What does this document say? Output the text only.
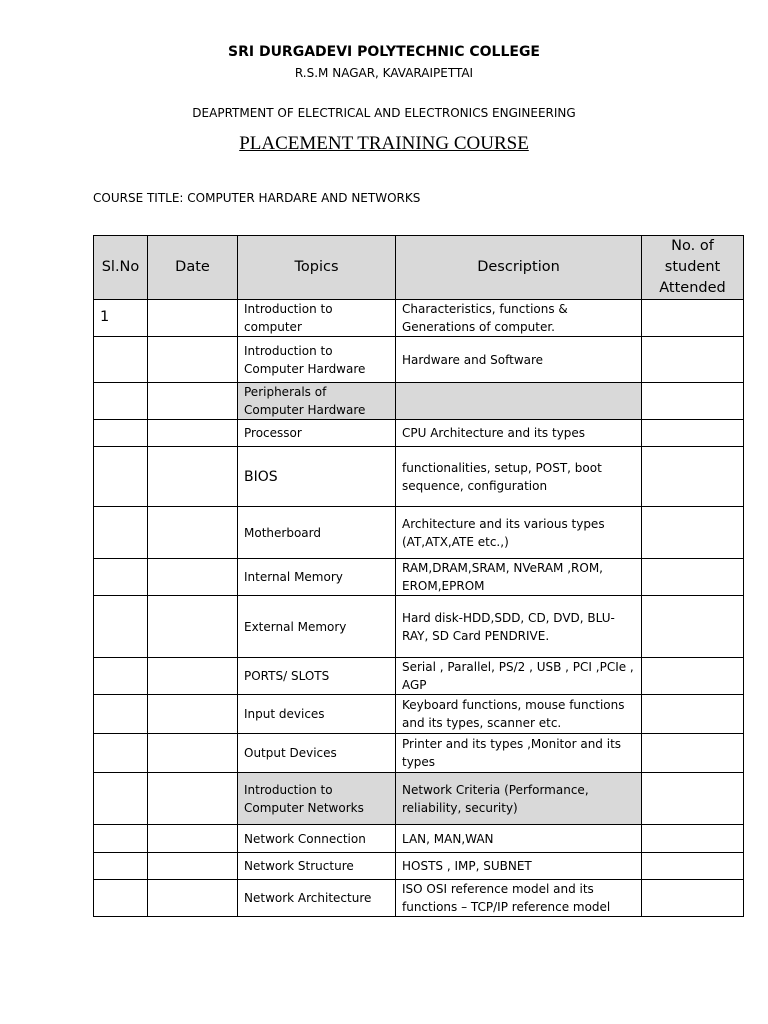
SRI DURGADEVI POLYTECHNIC COLLEGE
R.S.M NAGAR, KAVARAIPETTAI
DEAPRTMENT OF ELECTRICAL AND ELECTRONICS ENGINEERING
PLACEMENT TRAINING COURSE
COURSE TITLE: COMPUTER HARDARE AND NETWORKS
Sl.No	Date	Topics	Description	No. of student Attended
1		Introduction to computer	Characteristics, functions & Generations of computer.	
		Introduction to Computer Hardware	Hardware and Software	
		Peripherals of Computer Hardware		
		Processor	CPU Architecture and its types	
		BIOS	functionalities, setup, POST, boot sequence, configuration	
		Motherboard	Architecture and its various types (AT,ATX,ATE etc.,)	
		Internal Memory	RAM,DRAM,SRAM, NVeRAM ,ROM, EROM,EPROM	
		External Memory	Hard disk-HDD,SDD, CD, DVD, BLU-RAY, SD Card PENDRIVE.	
		PORTS/ SLOTS	Serial , Parallel, PS/2 , USB , PCI ,PCIe , AGP	
		Input devices	Keyboard functions, mouse functions and its types, scanner etc.	
		Output Devices	Printer and its types ,Monitor and its types	
		Introduction to Computer Networks	Network Criteria (Performance, reliability, security)	
		Network Connection	LAN, MAN,WAN	
		Network Structure	HOSTS , IMP, SUBNET	
		Network Architecture	ISO OSI reference model and its functions – TCP/IP reference model	
